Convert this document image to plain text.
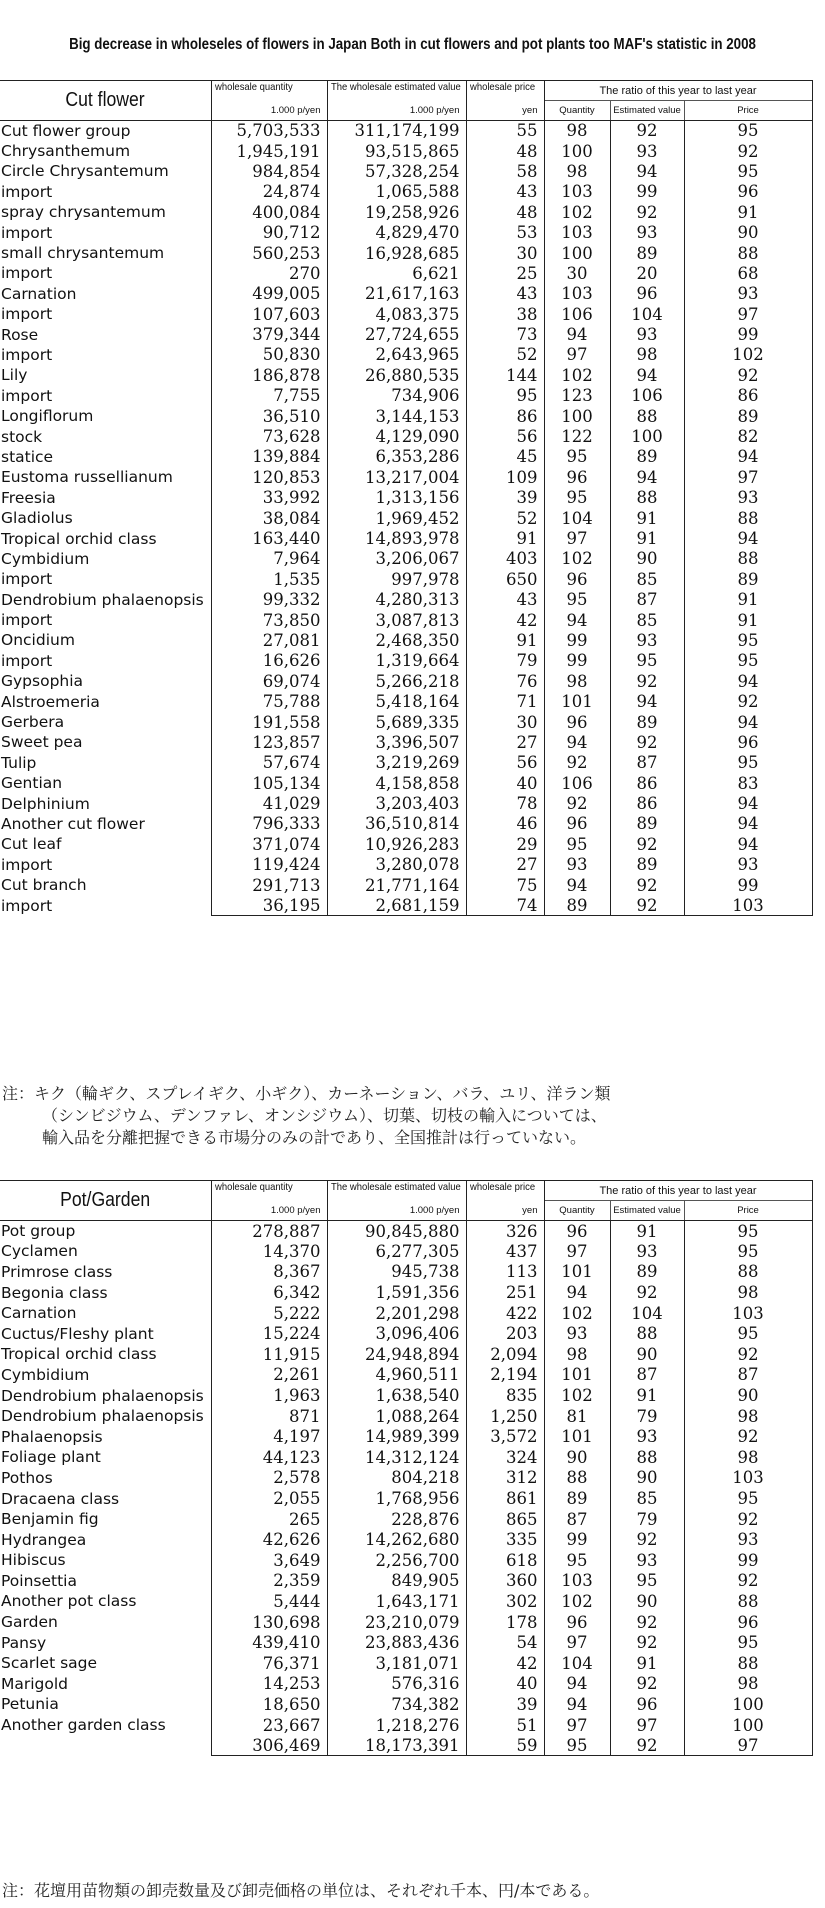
Big decrease in wholeseles of flowers in Japan Both in cut flowers and pot plants too MAF's statistic in 2008
Cut flower	wholesale quantity	The wholesale estimated value	wholesale price	The ratio of this year to last year		
	1.000 p/yen	1.000 p/yen	yen	Quantity	Estimated value	Price
Cut flower group	5,703,533	311,174,199	55	98	92	95
Chrysanthemum	1,945,191	93,515,865	48	100	93	92
Circle Chrysantemum	984,854	57,328,254	58	98	94	95
import	24,874	1,065,588	43	103	99	96
spray chrysantemum	400,084	19,258,926	48	102	92	91
import	90,712	4,829,470	53	103	93	90
small chrysantemum	560,253	16,928,685	30	100	89	88
import	270	6,621	25	30	20	68
Carnation	499,005	21,617,163	43	103	96	93
import	107,603	4,083,375	38	106	104	97
Rose	379,344	27,724,655	73	94	93	99
import	50,830	2,643,965	52	97	98	102
Lily	186,878	26,880,535	144	102	94	92
import	7,755	734,906	95	123	106	86
Longiflorum	36,510	3,144,153	86	100	88	89
stock	73,628	4,129,090	56	122	100	82
statice	139,884	6,353,286	45	95	89	94
Eustoma russellianum	120,853	13,217,004	109	96	94	97
Freesia	33,992	1,313,156	39	95	88	93
Gladiolus	38,084	1,969,452	52	104	91	88
Tropical orchid class	163,440	14,893,978	91	97	91	94
Cymbidium	7,964	3,206,067	403	102	90	88
import	1,535	997,978	650	96	85	89
Dendrobium phalaenopsis	99,332	4,280,313	43	95	87	91
import	73,850	3,087,813	42	94	85	91
Oncidium	27,081	2,468,350	91	99	93	95
import	16,626	1,319,664	79	99	95	95
Gypsophia	69,074	5,266,218	76	98	92	94
Alstroemeria	75,788	5,418,164	71	101	94	92
Gerbera	191,558	5,689,335	30	96	89	94
Sweet pea	123,857	3,396,507	27	94	92	96
Tulip	57,674	3,219,269	56	92	87	95
Gentian	105,134	4,158,858	40	106	86	83
Delphinium	41,029	3,203,403	78	92	86	94
Another cut flower	796,333	36,510,814	46	96	89	94
Cut leaf	371,074	10,926,283	29	95	92	94
import	119,424	3,280,078	27	93	89	93
Cut branch	291,713	21,771,164	75	94	92	99
import	36,195	2,681,159	74	89	92	103
注：キク（輪ギク、スプレイギク、小ギク）、カーネーション、バラ、ユリ、洋ラン類
（シンビジウム、デンファレ、オンシジウム）、切葉、切枝の輸入については、
輸入品を分離把握できる市場分のみの計であり、全国推計は行っていない。
Pot/Garden	wholesale quantity	The wholesale estimated value	wholesale price	The ratio of this year to last year		
	1.000 p/yen	1.000 p/yen	yen	Quantity	Estimated value	Price
Pot group	278,887	90,845,880	326	96	91	95
Cyclamen	14,370	6,277,305	437	97	93	95
Primrose class	8,367	945,738	113	101	89	88
Begonia class	6,342	1,591,356	251	94	92	98
Carnation	5,222	2,201,298	422	102	104	103
Cuctus/Fleshy plant	15,224	3,096,406	203	93	88	95
Tropical orchid class	11,915	24,948,894	2,094	98	90	92
Cymbidium	2,261	4,960,511	2,194	101	87	87
Dendrobium phalaenopsis	1,963	1,638,540	835	102	91	90
Dendrobium phalaenopsis	871	1,088,264	1,250	81	79	98
Phalaenopsis	4,197	14,989,399	3,572	101	93	92
Foliage plant	44,123	14,312,124	324	90	88	98
Pothos	2,578	804,218	312	88	90	103
Dracaena class	2,055	1,768,956	861	89	85	95
Benjamin fig	265	228,876	865	87	79	92
Hydrangea	42,626	14,262,680	335	99	92	93
Hibiscus	3,649	2,256,700	618	95	93	99
Poinsettia	2,359	849,905	360	103	95	92
Another pot class	5,444	1,643,171	302	102	90	88
Garden	130,698	23,210,079	178	96	92	96
Pansy	439,410	23,883,436	54	97	92	95
Scarlet sage	76,371	3,181,071	42	104	91	88
Marigold	14,253	576,316	40	94	92	98
Petunia	18,650	734,382	39	94	96	100
Another garden class	23,667	1,218,276	51	97	97	100
	306,469	18,173,391	59	95	92	97
注：花壇用苗物類の卸売数量及び卸売価格の単位は、それぞれ千本、円/本である。
